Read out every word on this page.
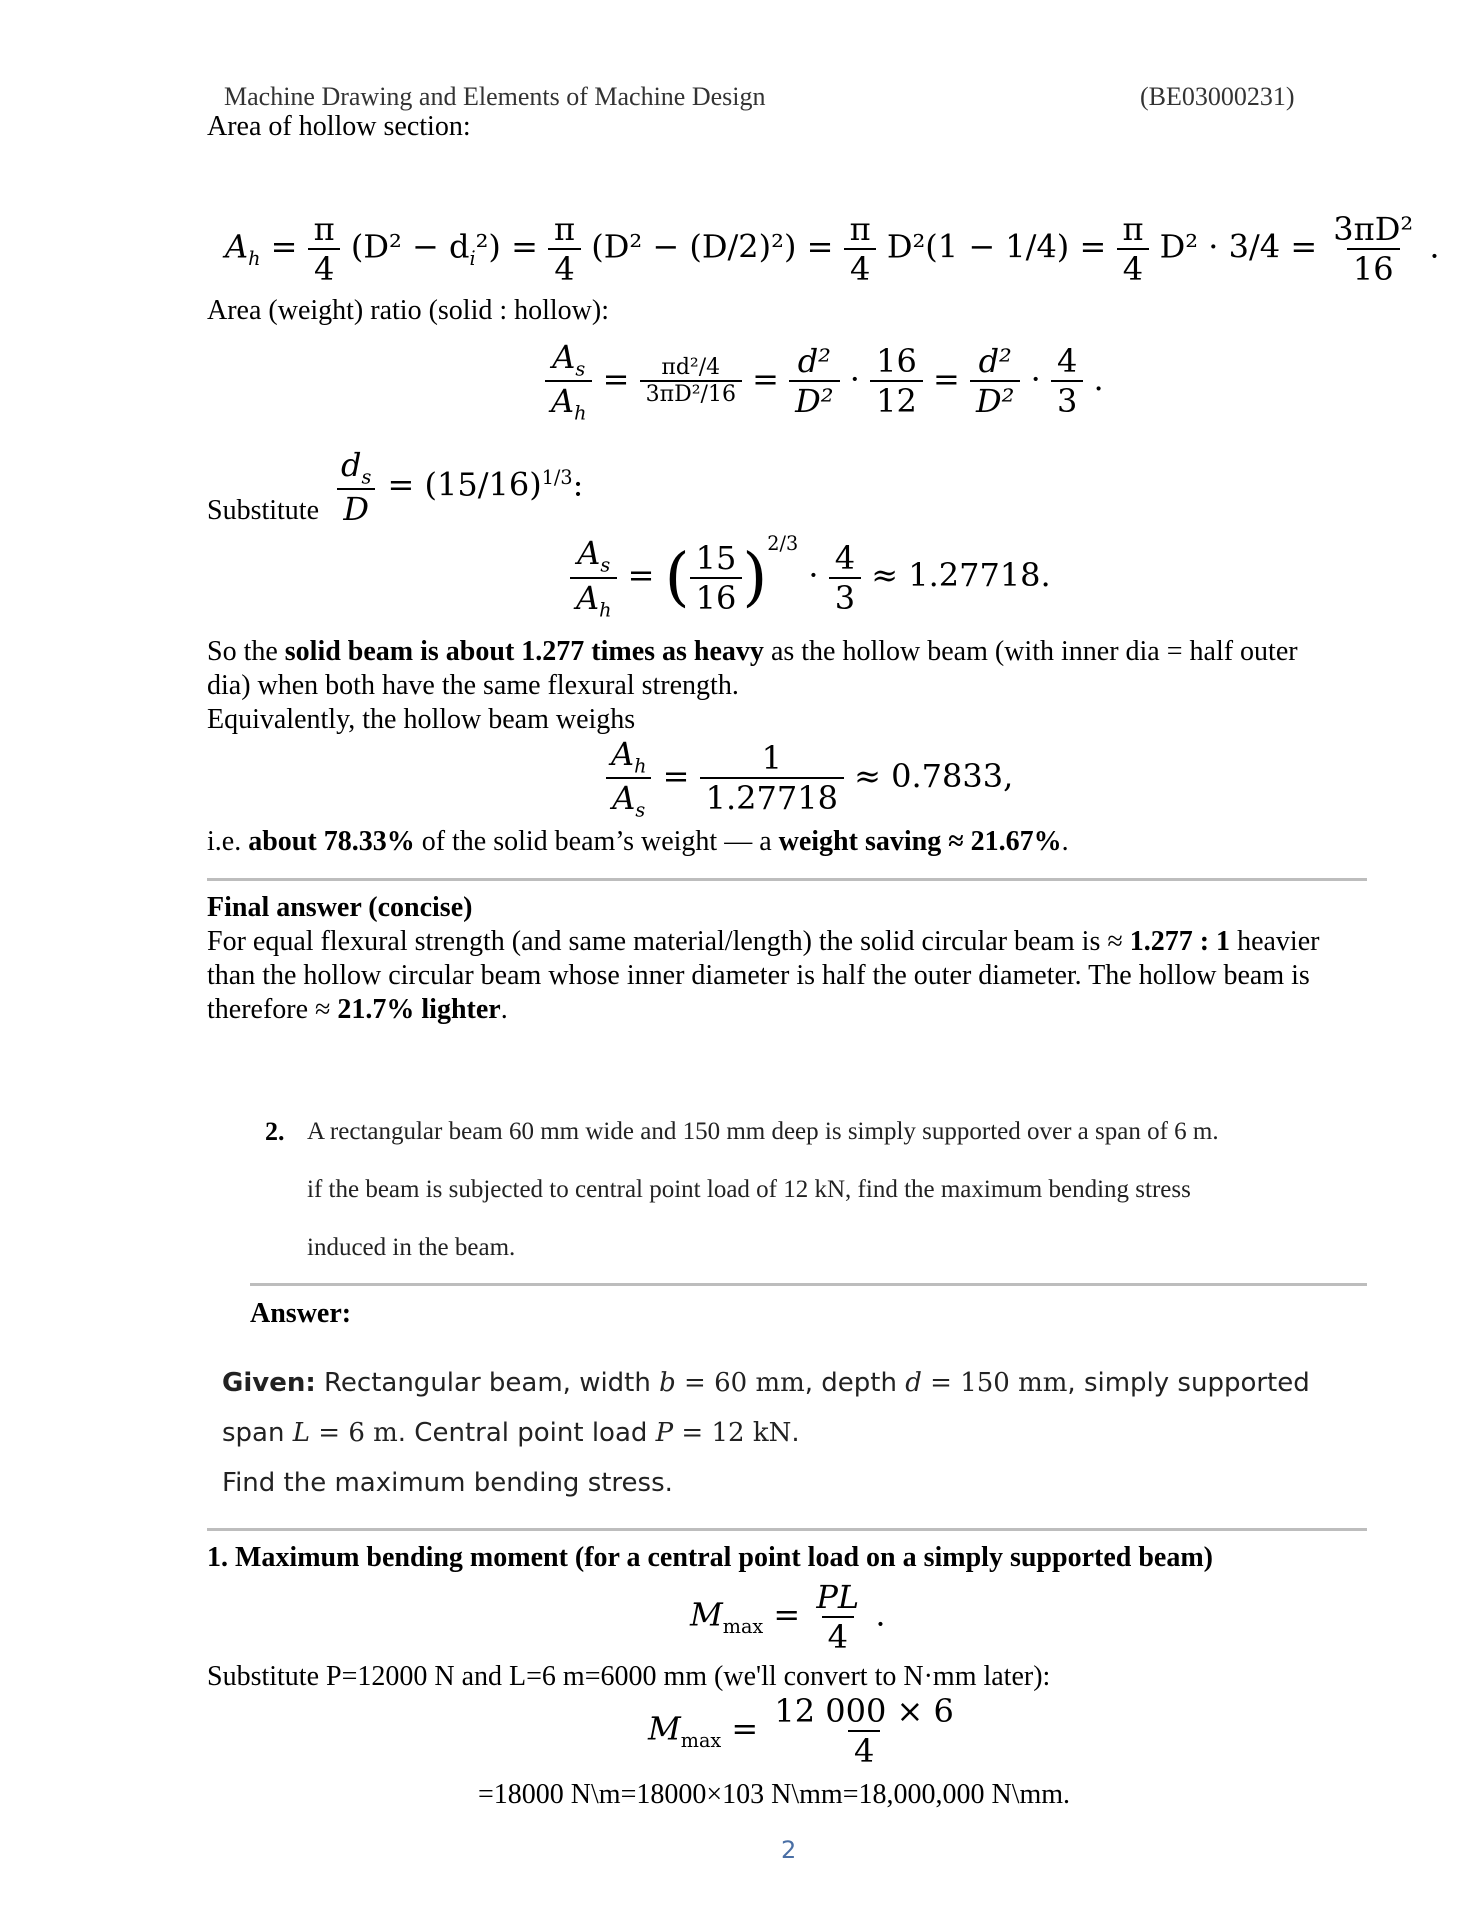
Machine Drawing and Elements of Machine Design	(BE03000231)
Area of hollow section:
$A_h = \frac{\pi}{4} (D^2 - d_i^2) = \frac{\pi}{4} (D^2 - (D/2)^2) = \frac{\pi}{4} D^2(1 - 1/4) = \frac{\pi}{4} D^2 \cdot 3/4 = \frac{\text{3πD²}}{16}$ .
Area (weight) ratio (solid : hollow):
$\frac{A_s}{A_h} = \frac{\text{πd²/4}}{\text{3πD²/16}} = \frac{\text{d²}}{\text{D²}} \cdot \frac{16}{12} = \frac{\text{d²}}{\text{D²}} \cdot \frac{4}{3}$ .
Substitute $\frac{d_s}{D} = (15/16)^{1/3}$:
$\frac{A_s}{A_h}$ = ( $\frac{15}{16} )^{2/3} \cdot \frac{4}{3} \approx 1.27718$.
So the solid beam is about 1.277 times as heavy as the hollow beam (with inner dia = half outer
dia) when both have the same flexural strength.
Equivalently, the hollow beam weighs
$\frac{A_h}{A_s} = \frac{1}{1.27718} \approx 0.7833$,
i.e. about 78.33% of the solid beam’s weight — a weight saving ≈ 21.67%.
Final answer (concise)
For equal flexural strength (and same material/length) the solid circular beam is ≈ 1.277 : 1 heavier
than the hollow circular beam whose inner diameter is half the outer diameter. The hollow beam is
therefore ≈ 21.7% lighter.
2. A rectangular beam 60 mm wide and 150 mm deep is simply supported over a span of 6 m.
if the beam is subjected to central point load of 12 kN, find the maximum bending stress
induced in the beam.
Answer:
Given: Rectangular beam, width b = 60 mm, depth d = 150 mm, simply supported
span L = 6 m. Central point load P = 12 kN.
Find the maximum bending stress.
1. Maximum bending moment (for a central point load on a simply supported beam)
$M_{max} = \frac{PL}{4}$ .
Substitute P=12000 N and L=6 m=6000 mm (we'll convert to N·mm later):
$M_{max} = \frac{12 000 \times 6}{4}$
=18000 N\m=18000×103 N\mm=18,000,000 N\mm.
2
